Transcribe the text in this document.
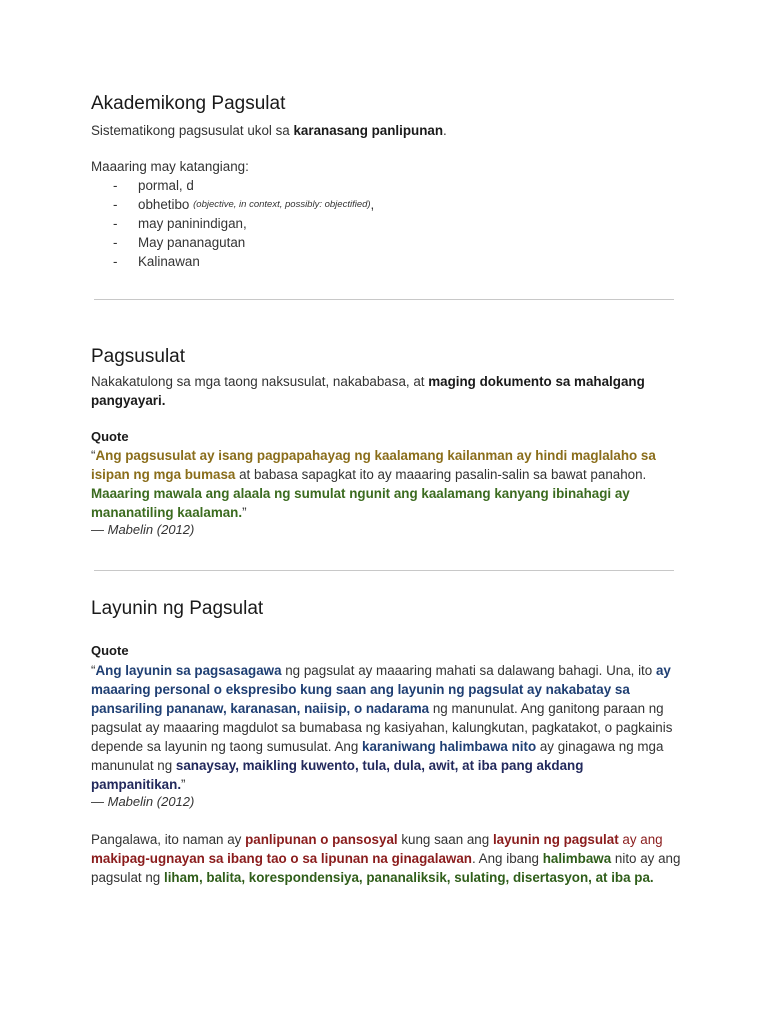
Akademikong Pagsulat
Sistematikong pagsusulat ukol sa karanasang panlipunan.
Maaaring may katangiang:
-	pormal, d
-	obhetibo
(objective, in context, possibly: objectified) ,
-	may paninindigan,
-	May pananagutan
-	Kalinawan
Pagsusulat
Nakakatulong sa mga taong naksusulat, nakababasa, at maging dokumento sa mahalgang pangyayari.
Quote
“Ang pagsusulat ay isang pagpapahayag ng kaalamang kailanman ay hindi maglalaho sa isipan ng mga bumasa at babasa sapagkat ito ay maaaring pasalin-salin sa bawat panahon. Maaaring mawala ang alaala ng sumulat ngunit ang kaalamang kanyang ibinahagi ay mananatiling kaalaman.”
— Mabelin (2012)
Layunin ng Pagsulat
Quote
“Ang layunin sa pagsasagawa ng pagsulat ay maaaring mahati sa dalawang bahagi. Una, ito ay maaaring personal o ekspresibo kung saan ang layunin ng pagsulat ay nakabatay sa pansariling pananaw, karanasan, naiisip, o nadarama ng manunulat. Ang ganitong paraan ng pagsulat ay maaaring magdulot sa bumabasa ng kasiyahan, kalungkutan, pagkatakot, o pagkainis depende sa layunin ng taong sumusulat. Ang karaniwang halimbawa nito ay ginagawa ng mga manunulat ng sanaysay, maikling kuwento, tula, dula, awit, at iba pang akdang pampanitikan.”
— Mabelin (2012)
Pangalawa, ito naman ay panlipunan o pansosyal kung saan ang layunin ng pagsulat ay ang makipag-ugnayan sa ibang tao o sa lipunan na ginagalawan. Ang ibang halimbawa nito ay ang pagsulat ng liham, balita, korespondensiya, pananaliksik, sulating, disertasyon, at iba pa.
